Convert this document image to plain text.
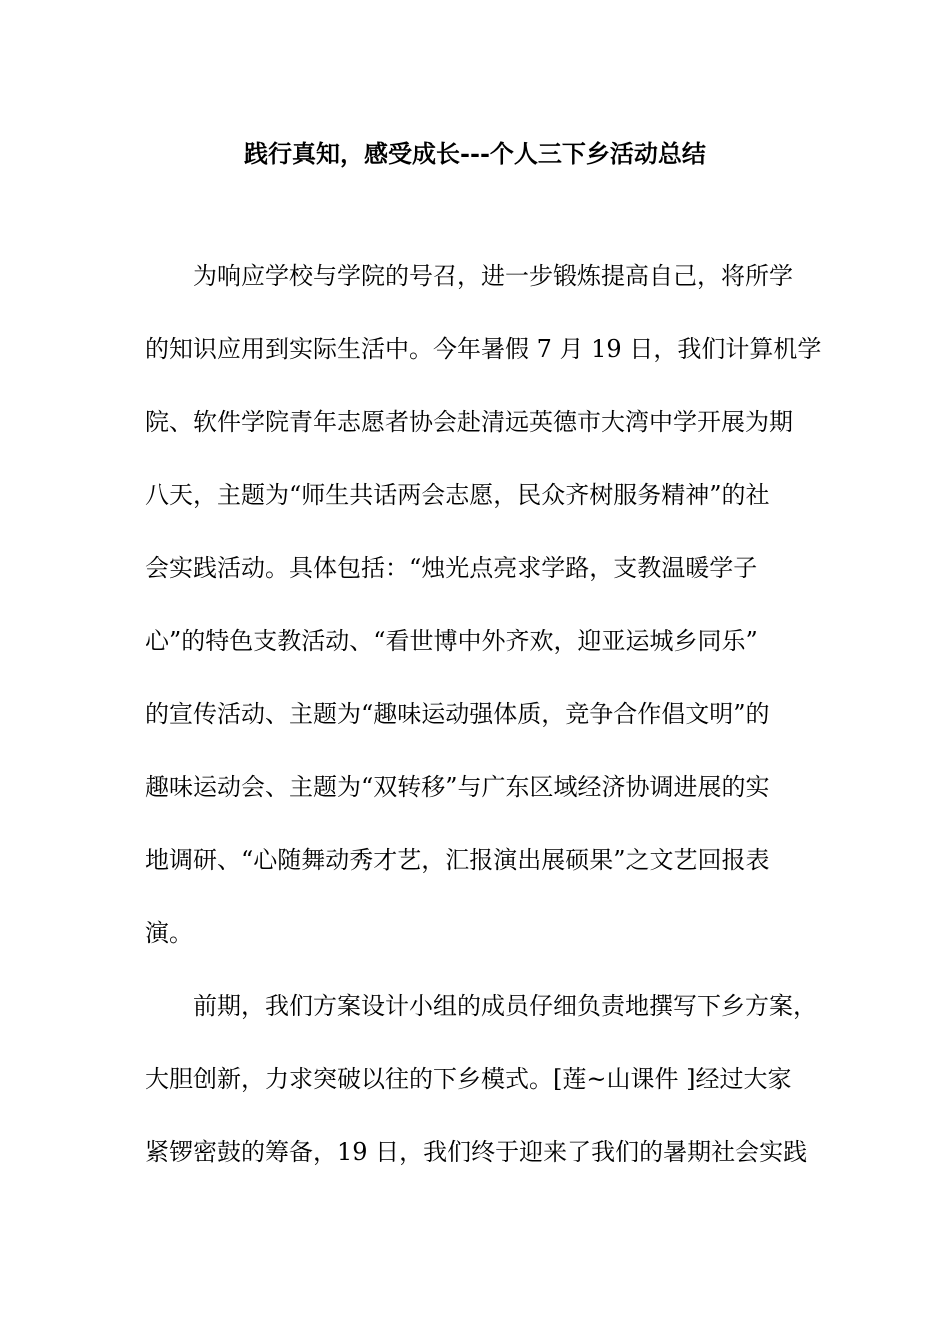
践行真知，感受成长---个人三下乡活动总结
为响应学校与学院的号召，进一步锻炼提高自己，将所学
的知识应用到实际生活中。今年暑假 7 月 19 日，我们计算机学
院、软件学院青年志愿者协会赴清远英德市大湾中学开展为期
八天，主题为“师生共话两会志愿，民众齐树服务精神”的社
会实践活动。具体包括：“烛光点亮求学路，支教温暖学子
心”的特色支教活动、“看世博中外齐欢，迎亚运城乡同乐”
的宣传活动、主题为“趣味运动强体质，竞争合作倡文明”的
趣味运动会、主题为“双转移”与广东区域经济协调进展的实
地调研、“心随舞动秀才艺，汇报演出展硕果”之文艺回报表
演。
前期，我们方案设计小组的成员仔细负责地撰写下乡方案，
大胆创新，力求突破以往的下乡模式。[莲~山课件 ]经过大家
紧锣密鼓的筹备，19 日，我们终于迎来了我们的暑期社会实践
